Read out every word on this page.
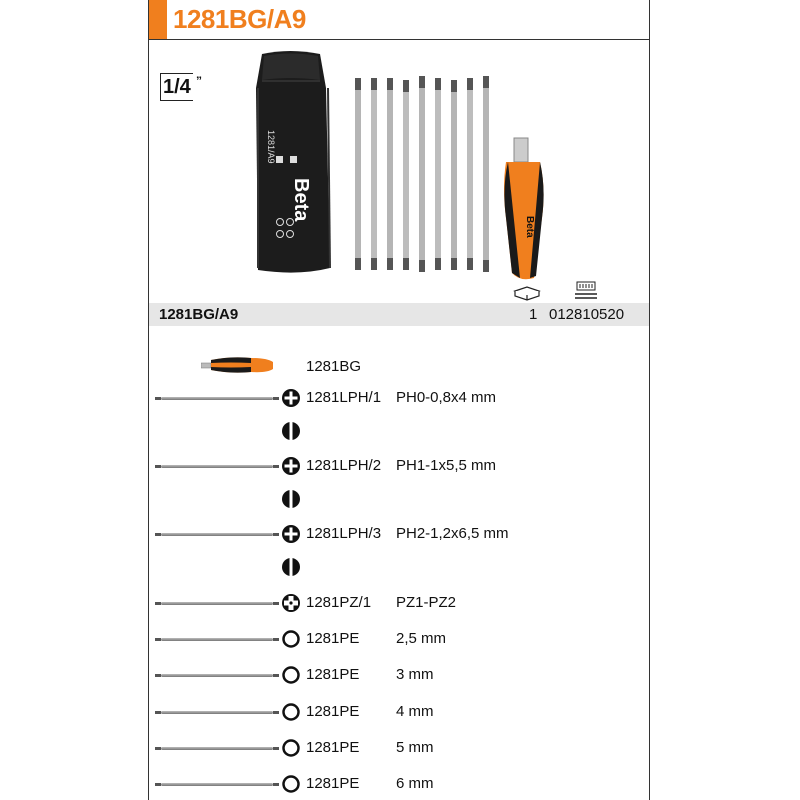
1281BG/A9
1/4 ”
Beta
1281/A9
Beta
1281BG/A9	1 012810520
1281BG
1281LPH/1 PH0-0,8x4 mm
1281LPH/2 PH1-1x5,5 mm
1281LPH/3 PH2-1,2x6,5 mm
1281PZ/1 PZ1-PZ2
1281PE 2,5 mm
1281PE 3 mm
1281PE 4 mm
1281PE 5 mm
1281PE 6 mm
